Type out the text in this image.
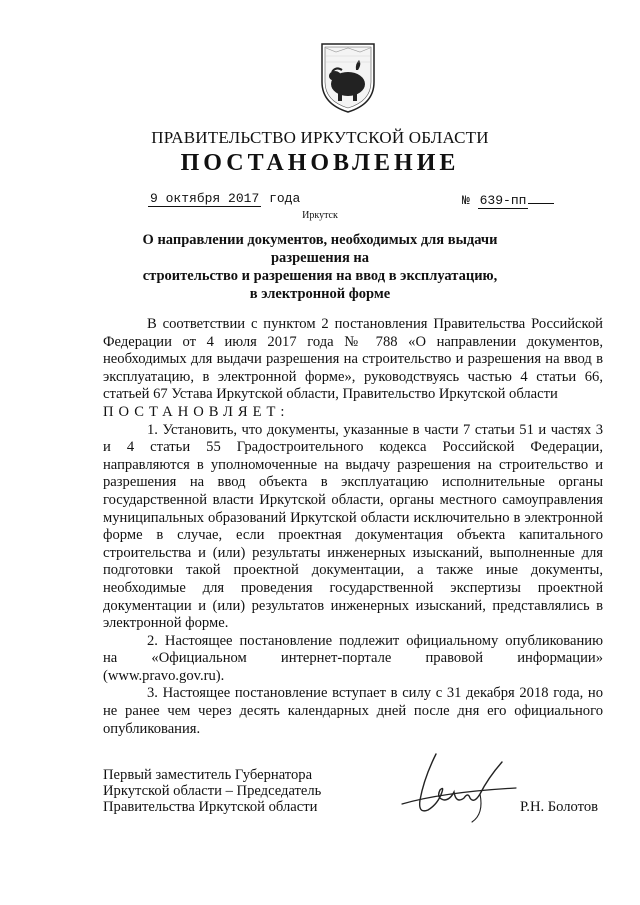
ПРАВИТЕЛЬСТВО ИРКУТСКОЙ ОБЛАСТИ
ПОСТАНОВЛЕНИЕ
9 октября 2017 года	№ 639-пп
Иркутск
О направлении документов, необходимых для выдачи разрешения на
строительство и разрешения на ввод в эксплуатацию,
в электронной форме

В соответствии с пунктом 2 постановления Правительства Российской Федерации от 4 июля 2017 года № 788 «О направлении документов, необходимых для выдачи разрешения на строительство и разрешения на ввод в эксплуатацию, в электронной форме», руководствуясь частью 4 статьи 66, статьей 67 Устава Иркутской области, Правительство Иркутской области

ПОСТАНОВЛЯЕТ:

1. Установить, что документы, указанные в части 7 статьи 51 и частях 3 и 4 статьи 55 Градостроительного кодекса Российской Федерации, направляются в уполномоченные на выдачу разрешения на строительство и разрешения на ввод объекта в эксплуатацию исполнительные органы государственной власти Иркутской области, органы местного самоуправления муниципальных образований Иркутской области исключительно в электронной форме в случае, если проектная документация объекта капитального строительства и (или) результаты инженерных изысканий, выполненные для подготовки такой проектной документации, а также иные документы, необходимые для проведения государственной экспертизы проектной документации и (или) результатов инженерных изысканий, представлялись в электронной форме.

2. Настоящее постановление подлежит официальному опубликованию на «Официальном интернет-портале правовой информации» (www.pravo.gov.ru).

3. Настоящее постановление вступает в силу с 31 декабря 2018 года, но не ранее чем через десять календарных дней после дня его официального опубликования.

Первый заместитель Губернатора
Иркутской области – Председатель
Правительства Иркутской области	Р.Н. Болотов
